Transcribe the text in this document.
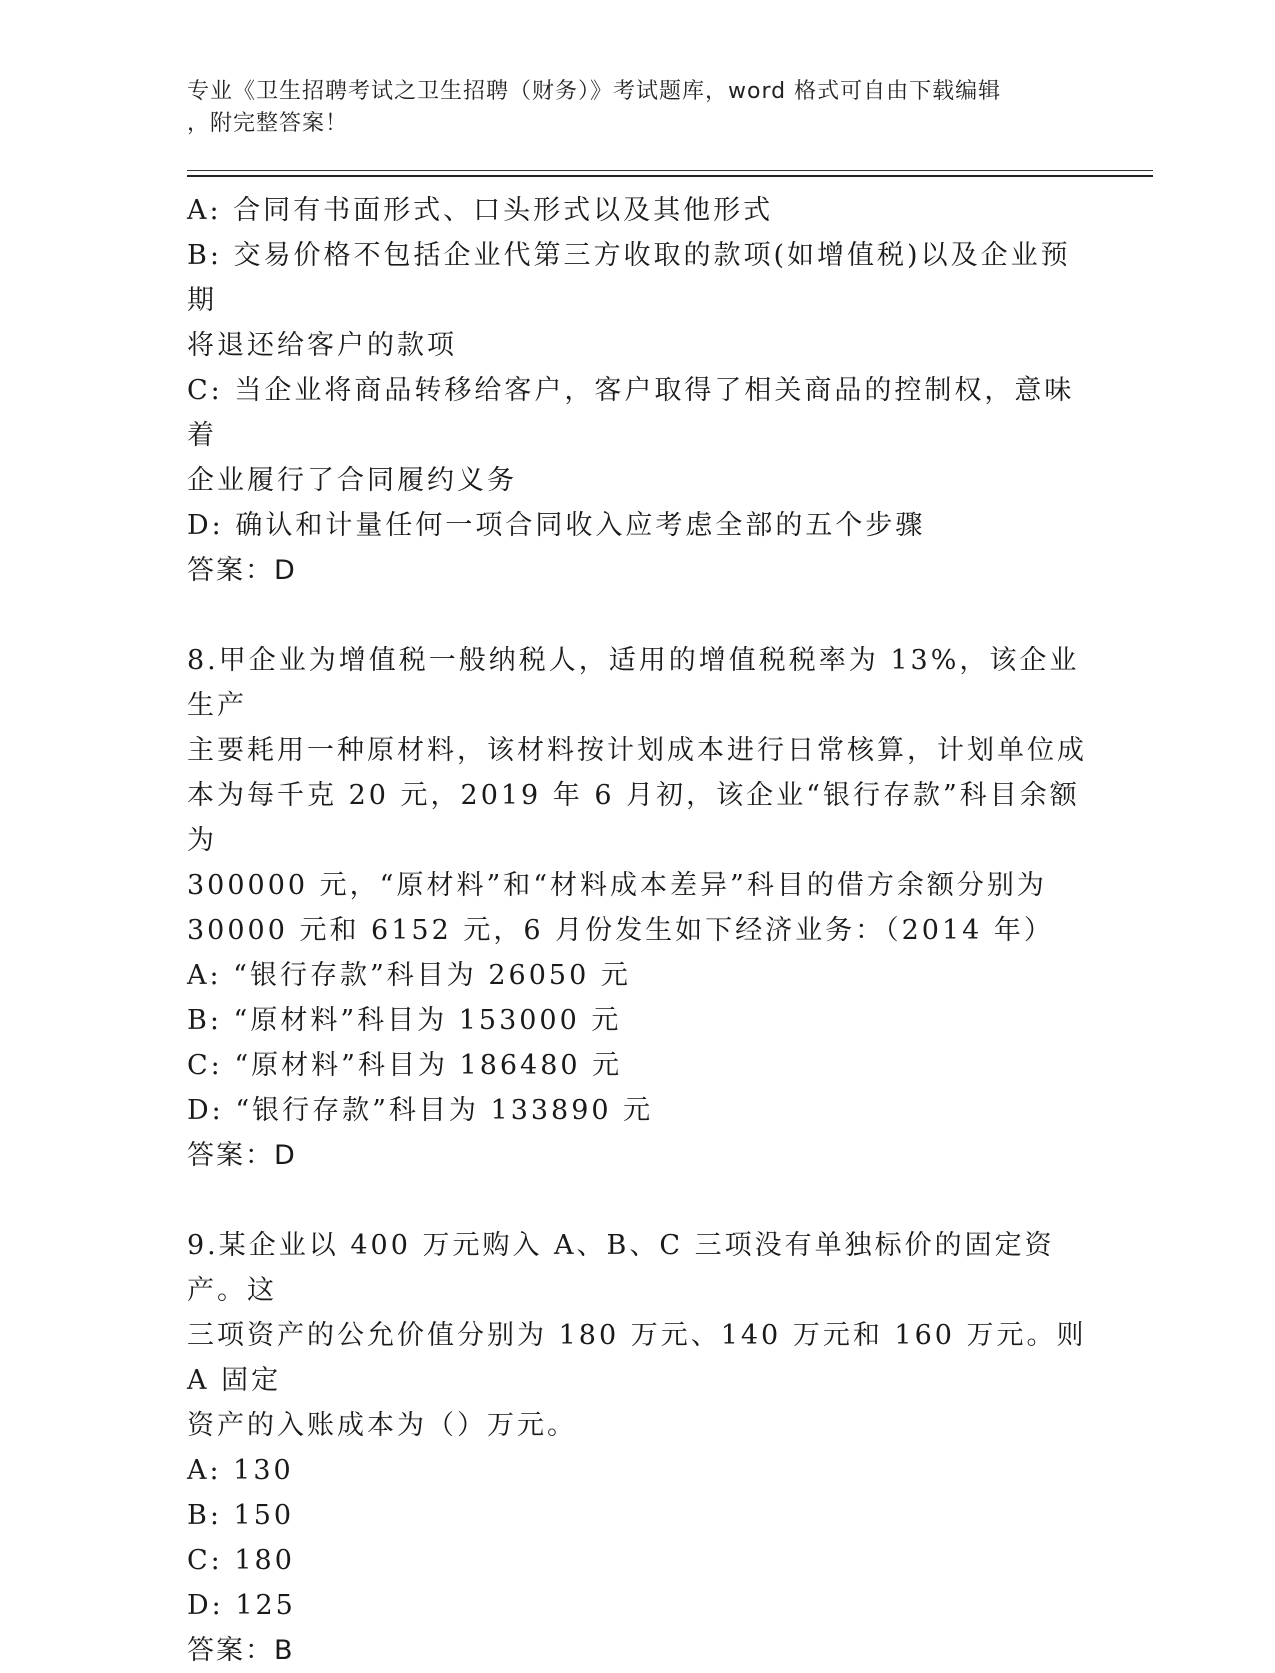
专业《卫生招聘考试之卫生招聘（财务）》考试题库，word 格式可自由下载编辑
，附完整答案！

A: 合同有书面形式、口头形式以及其他形式

B: 交易价格不包括企业代第三方收取的款项(如增值税)以及企业预期

将退还给客户的款项

C: 当企业将商品转移给客户，客户取得了相关商品的控制权，意味着

企业履行了合同履约义务

D: 确认和计量任何一项合同收入应考虑全部的五个步骤

答案：D

8.甲企业为增值税一般纳税人，适用的增值税税率为 13%，该企业生产

主要耗用一种原材料，该材料按计划成本进行日常核算，计划单位成

本为每千克 20 元，2019 年 6 月初，该企业“银行存款”科目余额为

300000 元，“原材料”和“材料成本差异”科目的借方余额分别为

30000 元和 6152 元，6 月份发生如下经济业务：（2014 年）

A: “银行存款”科目为 26050 元

B: “原材料”科目为 153000 元

C: “原材料”科目为 186480 元

D: “银行存款”科目为 133890 元

答案：D

9.某企业以 400 万元购入 A、B、C 三项没有单独标价的固定资产。这

三项资产的公允价值分别为 180 万元、140 万元和 160 万元。则 A 固定

资产的入账成本为（）万元。

A: 130

B: 150

C: 180

D: 125

答案：B
